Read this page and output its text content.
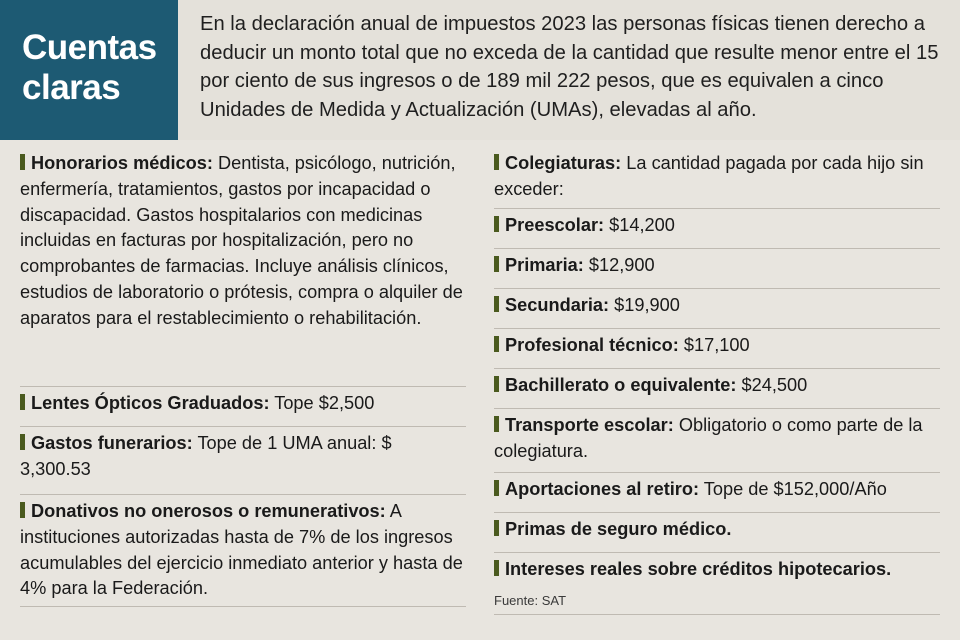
Cuentas
claras

En la declaración anual de impuestos 2023 las personas físicas tienen derecho a deducir un monto total que no exceda de la cantidad que resulte menor entre el 15 por ciento de sus ingresos o de 189 mil 222 pesos, que es equivalen a cinco Unidades de Medida y Actualización (UMAs), elevadas al año.

Honorarios médicos: Dentista, psicólogo, nutrición, enfermería, tratamientos, gastos por incapacidad o discapacidad. Gastos hospitalarios con medicinas incluidas en facturas por hospitalización, pero no comprobantes de farmacias. Incluye análisis clínicos, estudios de laboratorio o prótesis, compra o alquiler de aparatos para el restablecimiento o rehabilitación.
Lentes Ópticos Graduados: Tope $2,500
Gastos funerarios: Tope de 1 UMA anual: $ 3,300.53
Donativos no onerosos o remunerativos: A instituciones autorizadas hasta de 7% de los ingresos acumulables del ejercicio inmediato anterior y hasta de 4% para la Federación.
Colegiaturas: La cantidad pagada por cada hijo sin exceder:
Preescolar: $14,200
Primaria: $12,900
Secundaria: $19,900
Profesional técnico: $17,100
Bachillerato o equivalente: $24,500
Transporte escolar: Obligatorio o como parte de la colegiatura.
Aportaciones al retiro: Tope de $152,000/Año
Primas de seguro médico.
Intereses reales sobre créditos hipotecarios.
Fuente: SAT
